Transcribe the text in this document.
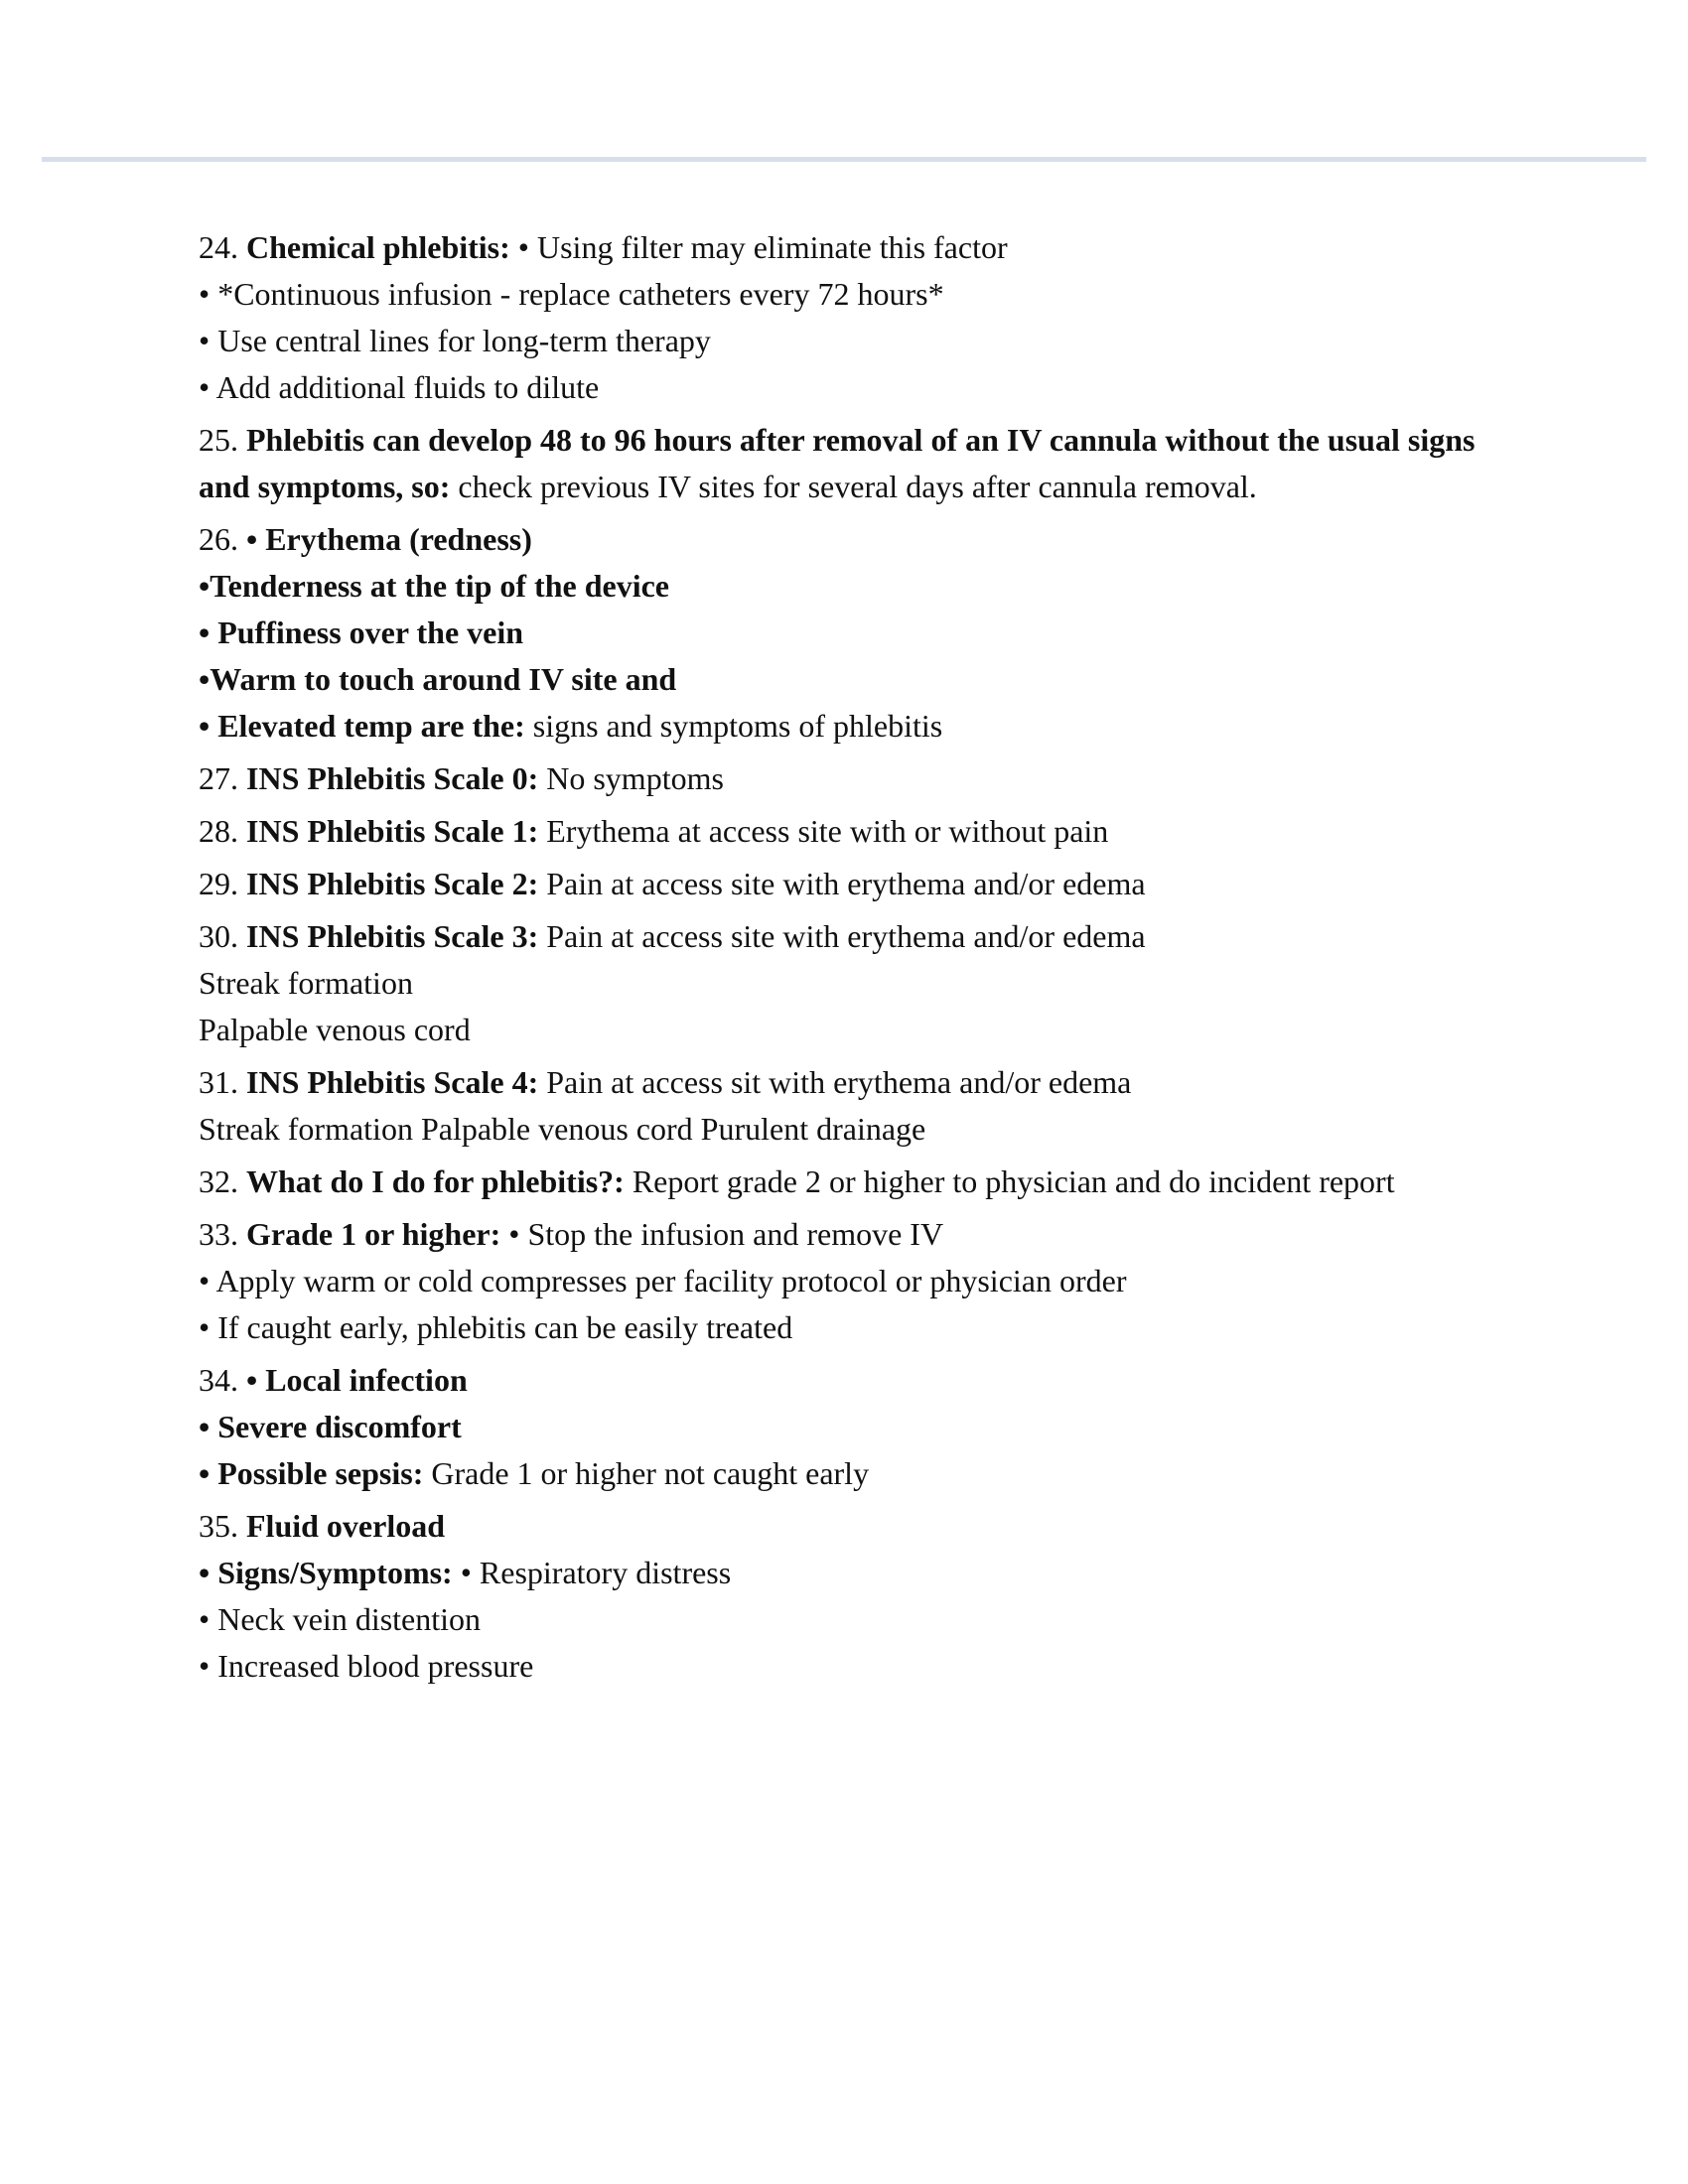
24. Chemical phlebitis: • Using filter may eliminate this factor
• *Continuous infusion - replace catheters every 72 hours*
• Use central lines for long-term therapy
• Add additional fluids to dilute
25. Phlebitis can develop 48 to 96 hours after removal of an IV cannula without the usual signs and symptoms, so: check previous IV sites for several days after cannula removal.
26. • Erythema (redness)
•Tenderness at the tip of the device
• Puffiness over the vein
•Warm to touch around IV site and
• Elevated temp are the: signs and symptoms of phlebitis
27. INS Phlebitis Scale 0: No symptoms
28. INS Phlebitis Scale 1: Erythema at access site with or without pain
29. INS Phlebitis Scale 2: Pain at access site with erythema and/or edema
30. INS Phlebitis Scale 3: Pain at access site with erythema and/or edema
Streak formation
Palpable venous cord
31. INS Phlebitis Scale 4: Pain at access sit with erythema and/or edema
Streak formation Palpable venous cord Purulent drainage
32. What do I do for phlebitis?: Report grade 2 or higher to physician and do incident report
33. Grade 1 or higher: • Stop the infusion and remove IV
• Apply warm or cold compresses per facility protocol or physician order
• If caught early, phlebitis can be easily treated
34. • Local infection
• Severe discomfort
• Possible sepsis: Grade 1 or higher not caught early
35. Fluid overload
• Signs/Symptoms: • Respiratory distress
• Neck vein distention
• Increased blood pressure
